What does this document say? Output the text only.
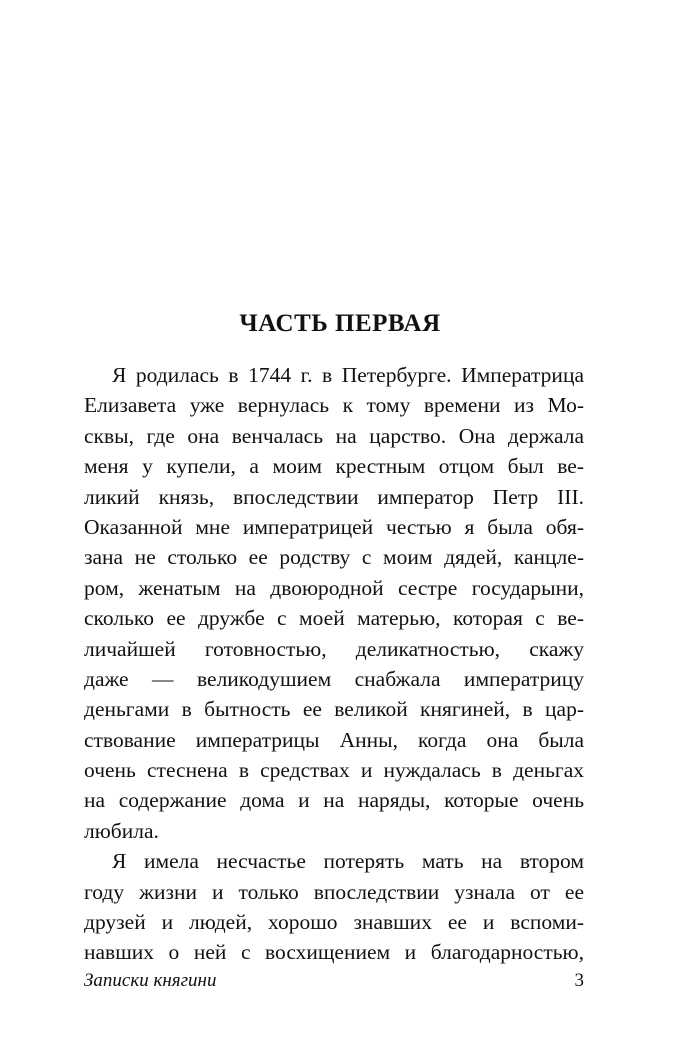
ЧАСТЬ ПЕРВАЯ
Я родилась в 1744 г. в Петербурге. Императрица
Елизавета уже вернулась к тому времени из Мо-
сквы, где она венчалась на царство. Она держала
меня у купели, а моим крестным отцом был ве-
ликий князь, впоследствии император Петр III.
Оказанной мне императрицей честью я была обя-
зана не столько ее родству с моим дядей, канцле-
ром, женатым на двоюродной сестре государыни,
сколько ее дружбе с моей матерью, которая с ве-
личайшей готовностью, деликатностью, скажу
даже — великодушием снабжала императрицу
деньгами в бытность ее великой княгиней, в цар-
ствование императрицы Анны, когда она была
очень стеснена в средствах и нуждалась в деньгах
на содержание дома и на наряды, которые очень
любила.
Я имела несчастье потерять мать на втором
году жизни и только впоследствии узнала от ее
друзей и людей, хорошо знавших ее и вспоми-
навших о ней с восхищением и благодарностью,
Записки княгини	3
